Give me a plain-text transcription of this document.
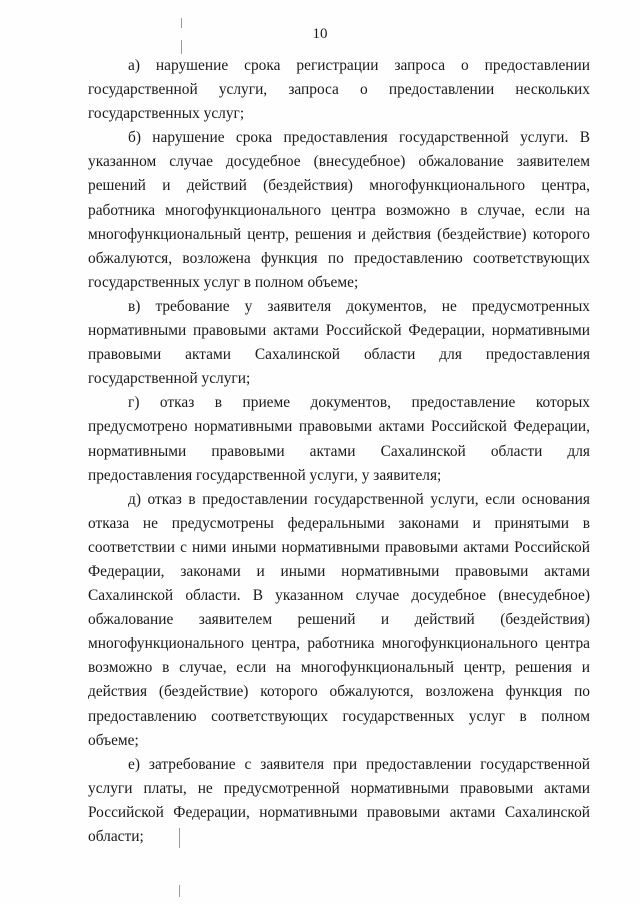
10

а) нарушение срока регистрации запроса о предоставлении государственной услуги, запроса о предоставлении нескольких государственных услуг;

б) нарушение срока предоставления государственной услуги. В указанном случае досудебное (внесудебное) обжалование заявителем решений и действий (бездействия) многофункционального центра, работника многофункционального центра возможно в случае, если на многофункциональный центр, решения и действия (бездействие) которого обжалуются, возложена функция по предоставлению соответствующих государственных услуг в полном объеме;

в) требование у заявителя документов, не предусмотренных нормативными правовыми актами Российской Федерации, нормативными правовыми актами Сахалинской области для предоставления государственной услуги;

г) отказ в приеме документов, предоставление которых предусмотрено нормативными правовыми актами Российской Федерации, нормативными правовыми актами Сахалинской области для предоставления государственной услуги, у заявителя;

д) отказ в предоставлении государственной услуги, если основания отказа не предусмотрены федеральными законами и принятыми в соответствии с ними иными нормативными правовыми актами Российской Федерации, законами и иными нормативными правовыми актами Сахалинской области. В указанном случае досудебное (внесудебное) обжалование заявителем решений и действий (бездействия) многофункционального центра, работника многофункционального центра возможно в случае, если на многофункциональный центр, решения и действия (бездействие) которого обжалуются, возложена функция по предоставлению соответствующих государственных услуг в полном объеме;

е) затребование с заявителя при предоставлении государственной услуги платы, не предусмотренной нормативными правовыми актами Российской Федерации, нормативными правовыми актами Сахалинской области;
